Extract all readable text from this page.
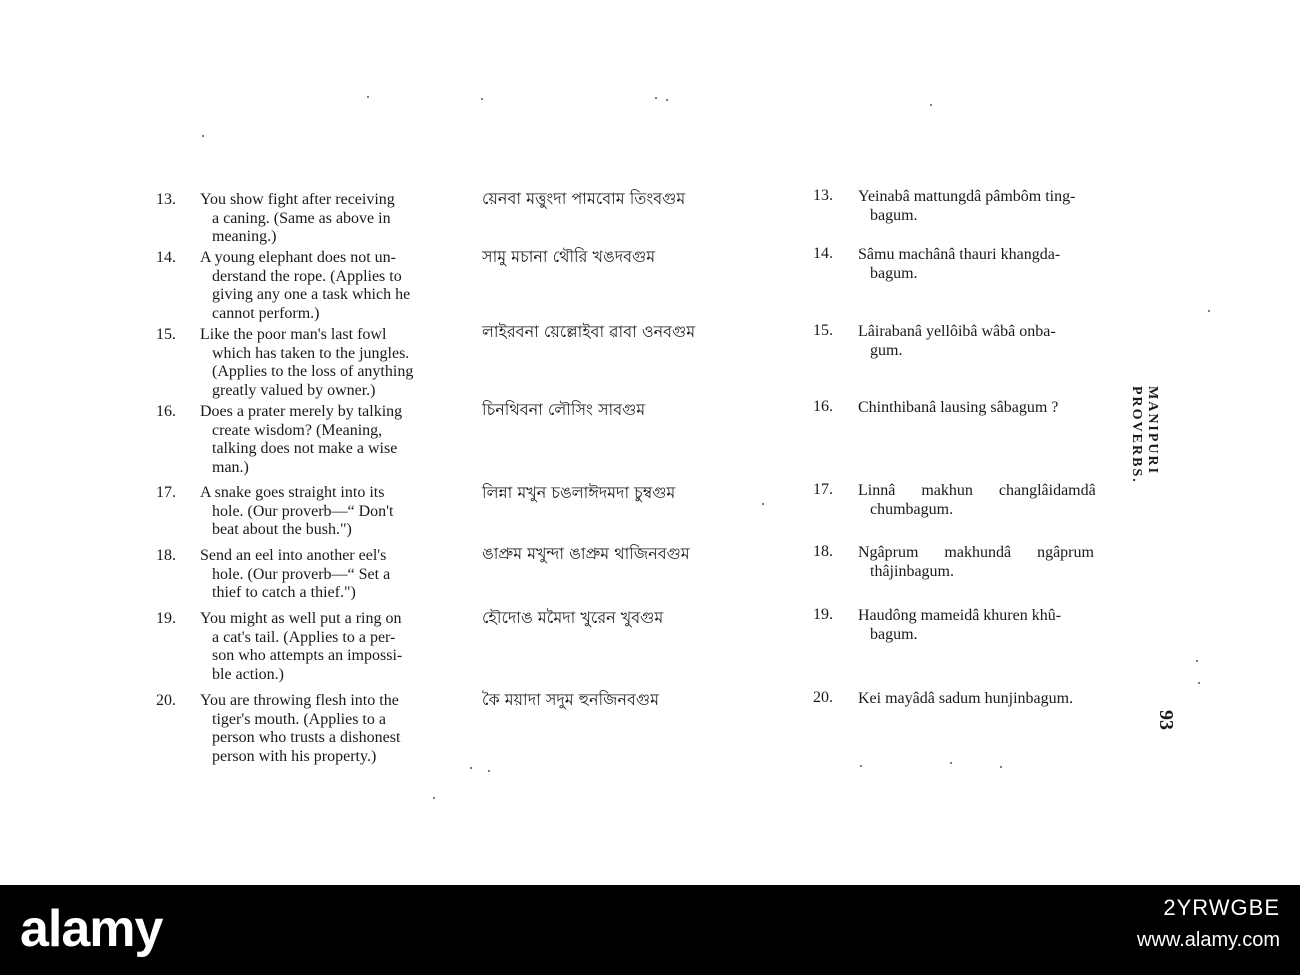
13. You show fight after receiving
a caning. (Same as above in
meaning.)
য়েনবা মত্তুংদা পামবোম তিংবগুম	13. Yeinabâ mattungdâ pâmbôm ting-
bagum.
14. A young elephant does not un-
derstand the rope. (Applies to
giving any one a task which he
cannot perform.)
সামু মচানা থৌরি খঙদবগুম	14. Sâmu machânâ thauri khangda-
bagum.
15. Like the poor man's last fowl
which has taken to the jungles.
(Applies to the loss of anything
greatly valued by owner.)
লাইরবনা য়েল্লোইবা ৱাবা ওনবগুম	15. Lâirabanâ yellôibâ wâbâ onba-
gum.
16. Does a prater merely by talking
create wisdom? (Meaning,
talking does not make a wise
man.)
চিনথিবনা লৌসিং সাবগুম	16. Chinthibanâ lausing sâbagum ?
17. A snake goes straight into its
hole. (Our proverb—“ Don't
beat about the bush.")
লিন্না মখুন চঙলাঈদমদা চুম্বগুম	17. Linnâ makhun changlâidamdâ
chumbagum.
18. Send an eel into another eel's
hole. (Our proverb—“ Set a
thief to catch a thief.")
ঙাপ্রুম মখুন্দা ঙাপ্রুম থাজিনবগুম	18. Ngâprum makhundâ ngâprum
thâjinbagum.
19. You might as well put a ring on
a cat's tail. (Applies to a per-
son who attempts an impossi-
ble action.)
হৌদোঙ মমৈদা খুরেন খুবগুম	19. Haudông mameidâ khuren khû-
bagum.
20. You are throwing flesh into the
tiger's mouth. (Applies to a
person who trusts a dishonest
person with his property.)
কৈ ময়াদা সদুম হুনজিনবগুম	20. Kei mayâdâ sadum hunjinbagum.
MANIPURI PROVERBS.
93
alamy	2YRWGBE
www.alamy.com
